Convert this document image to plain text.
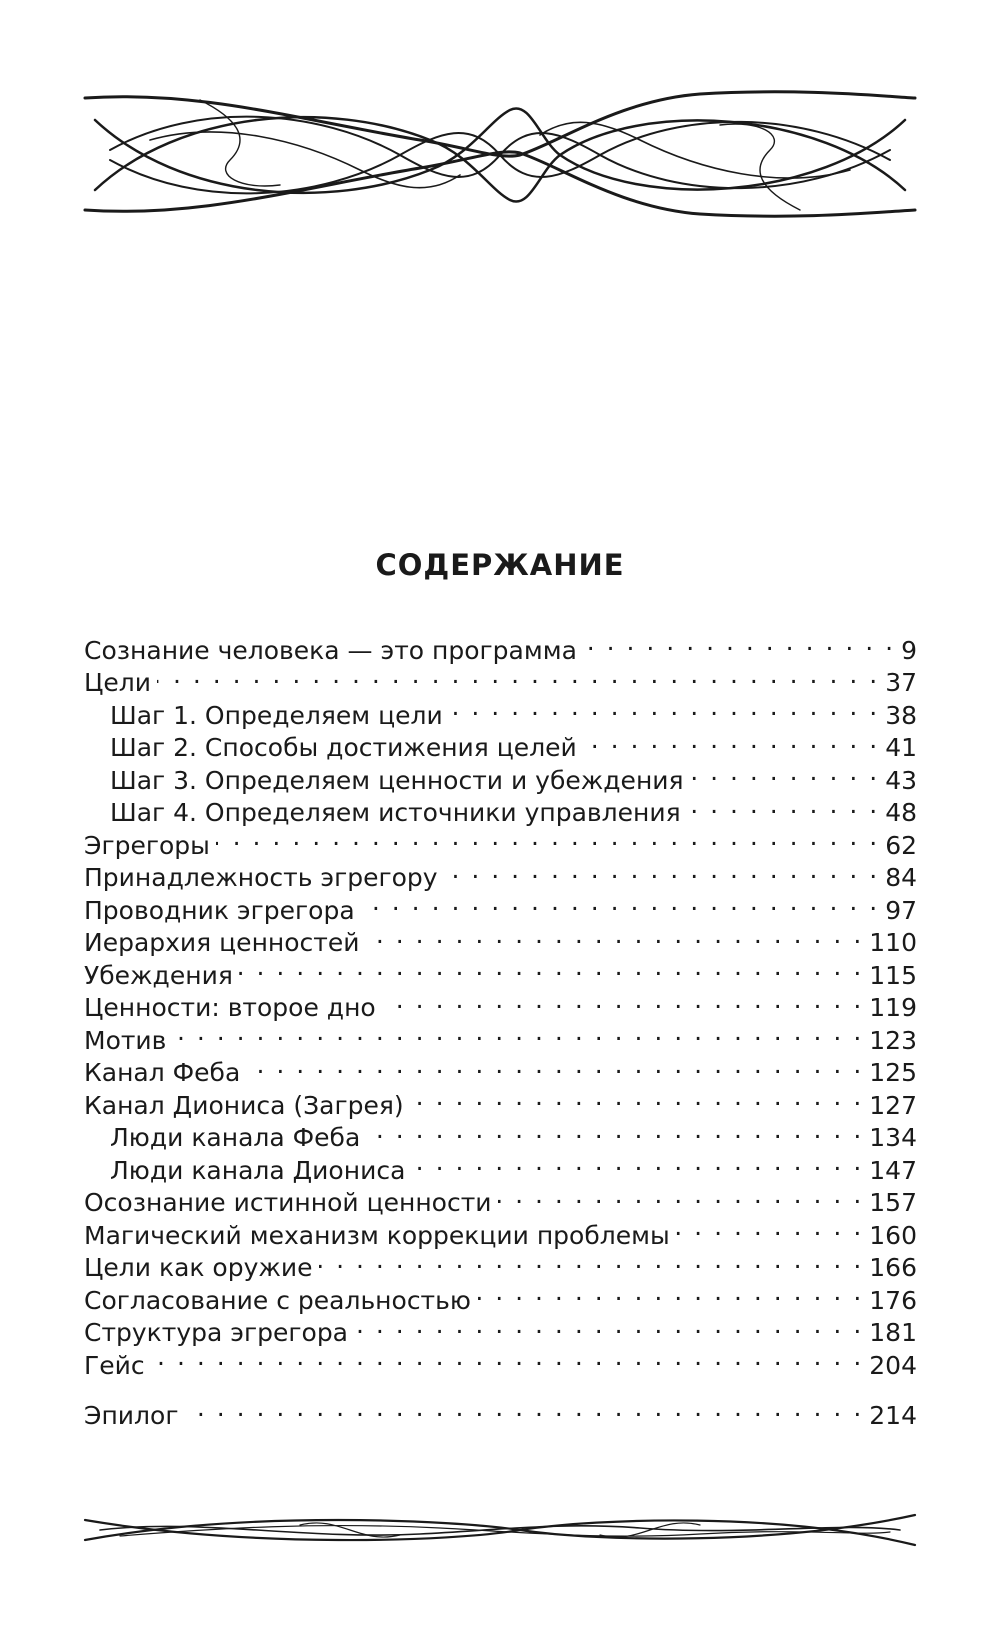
СОДЕРЖАНИЕ
Сознание человека — это программа . . .	9
Цели . . .	37
Шаг 1. Определяем цели . . .	38
Шаг 2. Способы достижения целей . . .	41
Шаг 3. Определяем ценности и убеждения . . .	43
Шаг 4. Определяем источники управления . . .	48
Эгрегоры . . .	62
Принадлежность эгрегору . . .	84
Проводник эгрегора . . .	97
Иерархия ценностей . . .	110
Убеждения . . .	115
Ценности: второе дно . . .	119
Мотив . . .	123
Канал Феба . . .	125
Канал Диониса (Загрея) . . .	127
Люди канала Феба . . .	134
Люди канала Диониса . . .	147
Осознание истинной ценности . . .	157
Магический механизм коррекции проблемы . . .	160
Цели как оружие . . .	166
Согласование с реальностью . . .	176
Структура эгрегора . . .	181
Гейс . . .	204
Эпилог . . .	214
